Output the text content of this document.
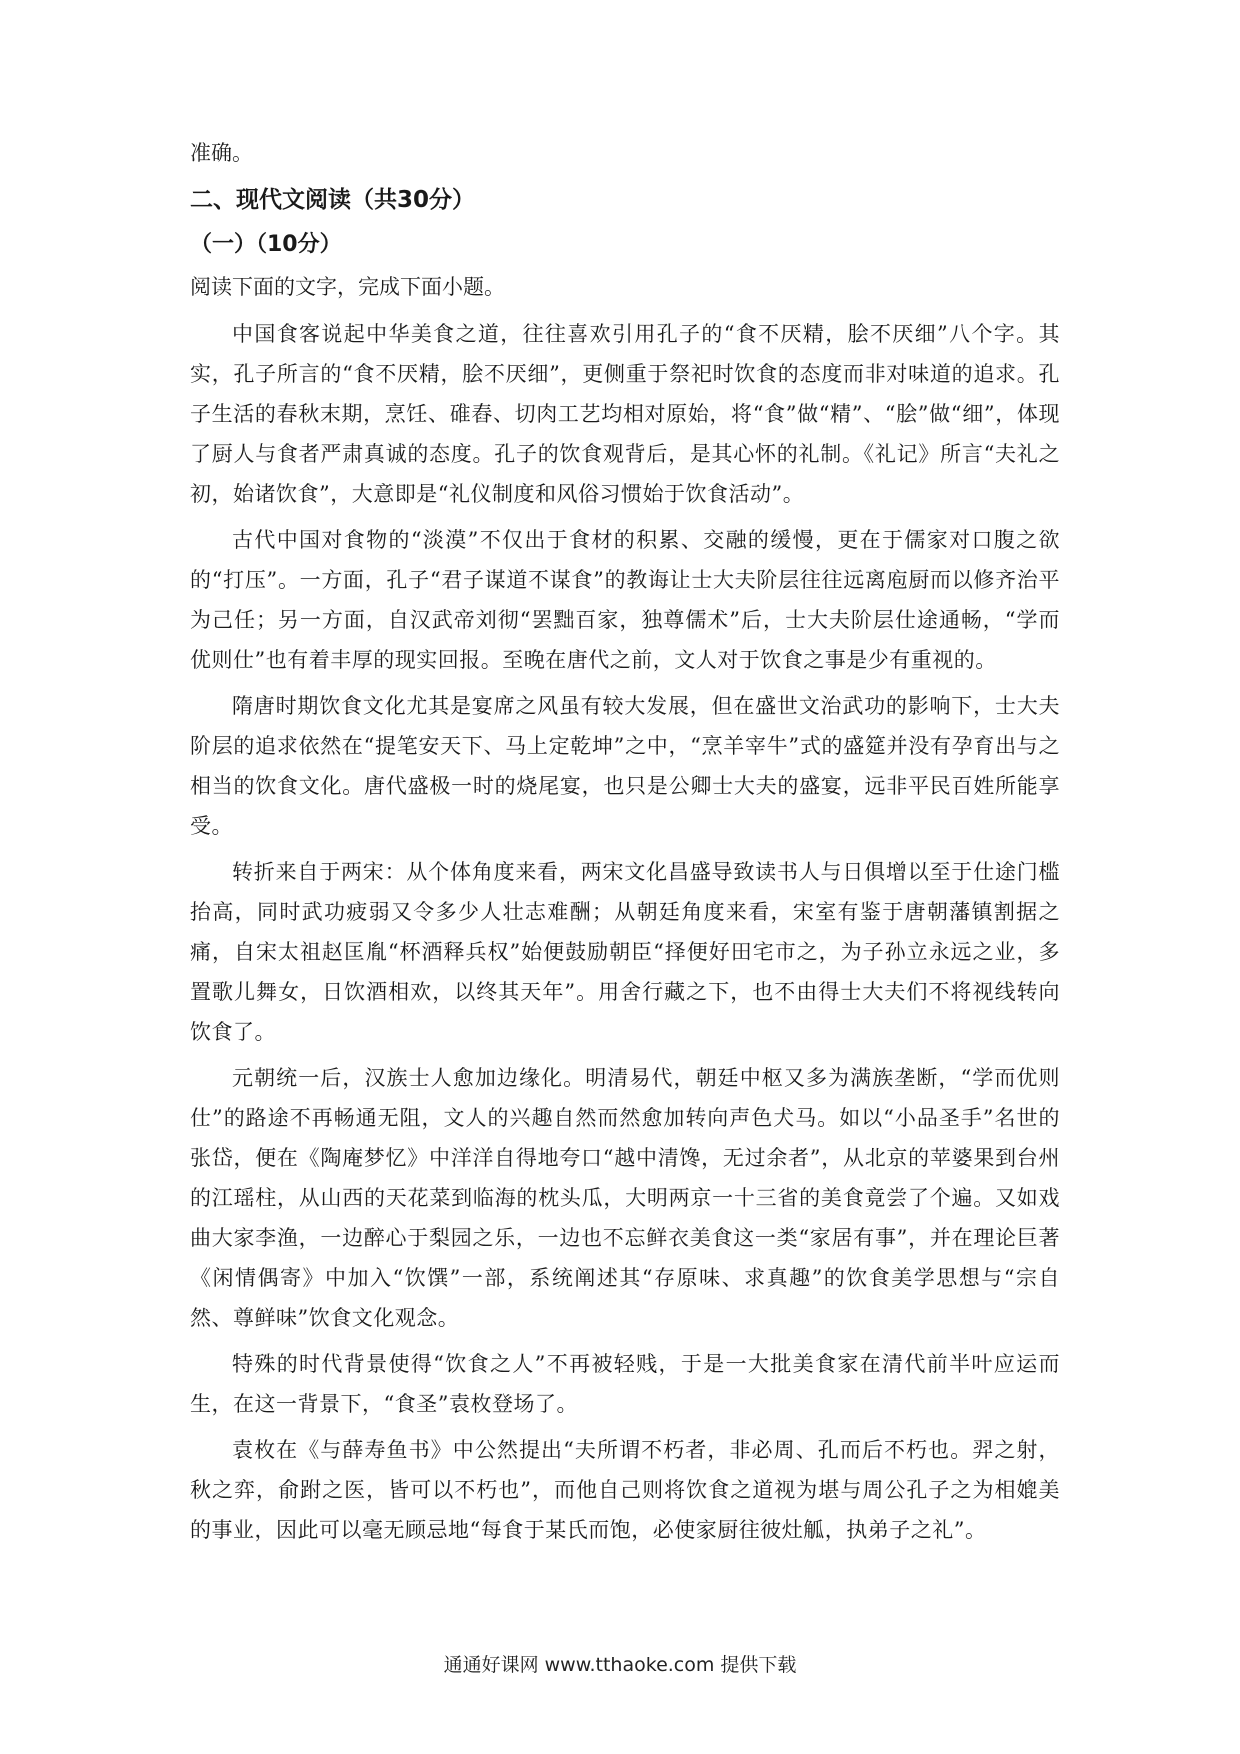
准确。

二、现代文阅读（共30分）
（一）（10分）

阅读下面的文字，完成下面小题。

中国食客说起中华美食之道，往往喜欢引用孔子的“食不厌精，脍不厌细”八个字。其实，孔子所言的“食不厌精，脍不厌细”，更侧重于祭祀时饮食的态度而非对味道的追求。孔子生活的春秋末期，烹饪、碓舂、切肉工艺均相对原始，将“食”做“精”、“脍”做“细”，体现了厨人与食者严肃真诚的态度。孔子的饮食观背后，是其心怀的礼制。《礼记》所言“夫礼之初，始诸饮食”，大意即是“礼仪制度和风俗习惯始于饮食活动”。

古代中国对食物的“淡漠”不仅出于食材的积累、交融的缓慢，更在于儒家对口腹之欲的“打压”。一方面，孔子“君子谋道不谋食”的教诲让士大夫阶层往往远离庖厨而以修齐治平为己任；另一方面，自汉武帝刘彻“罢黜百家，独尊儒术”后，士大夫阶层仕途通畅，“学而优则仕”也有着丰厚的现实回报。至晚在唐代之前，文人对于饮食之事是少有重视的。

隋唐时期饮食文化尤其是宴席之风虽有较大发展，但在盛世文治武功的影响下，士大夫阶层的追求依然在“提笔安天下、马上定乾坤”之中，“烹羊宰牛”式的盛筵并没有孕育出与之相当的饮食文化。唐代盛极一时的烧尾宴，也只是公卿士大夫的盛宴，远非平民百姓所能享受。

转折来自于两宋：从个体角度来看，两宋文化昌盛导致读书人与日俱增以至于仕途门槛抬高，同时武功疲弱又令多少人壮志难酬；从朝廷角度来看，宋室有鉴于唐朝藩镇割据之痛，自宋太祖赵匡胤“杯酒释兵权”始便鼓励朝臣“择便好田宅市之，为子孙立永远之业，多置歌儿舞女，日饮酒相欢，以终其天年”。用舍行藏之下，也不由得士大夫们不将视线转向饮食了。

元朝统一后，汉族士人愈加边缘化。明清易代，朝廷中枢又多为满族垄断，“学而优则仕”的路途不再畅通无阻，文人的兴趣自然而然愈加转向声色犬马。如以“小品圣手”名世的张岱，便在《陶庵梦忆》中洋洋自得地夸口“越中清馋，无过余者”，从北京的苹婆果到台州的江瑶柱，从山西的天花菜到临海的枕头瓜，大明两京一十三省的美食竟尝了个遍。又如戏曲大家李渔，一边醉心于梨园之乐，一边也不忘鲜衣美食这一类“家居有事”，并在理论巨著《闲情偶寄》中加入“饮馔”一部，系统阐述其“存原味、求真趣”的饮食美学思想与“宗自然、尊鲜味”饮食文化观念。

特殊的时代背景使得“饮食之人”不再被轻贱，于是一大批美食家在清代前半叶应运而生，在这一背景下，“食圣”袁枚登场了。

袁枚在《与薛寿鱼书》中公然提出“夫所谓不朽者，非必周、孔而后不朽也。羿之射，秋之弈，俞跗之医，皆可以不朽也”，而他自己则将饮食之道视为堪与周公孔子之为相媲美的事业，因此可以毫无顾忌地“每食于某氏而饱，必使家厨往彼灶觚，执弟子之礼”。

通通好课网 www.tthaoke.com 提供下载
